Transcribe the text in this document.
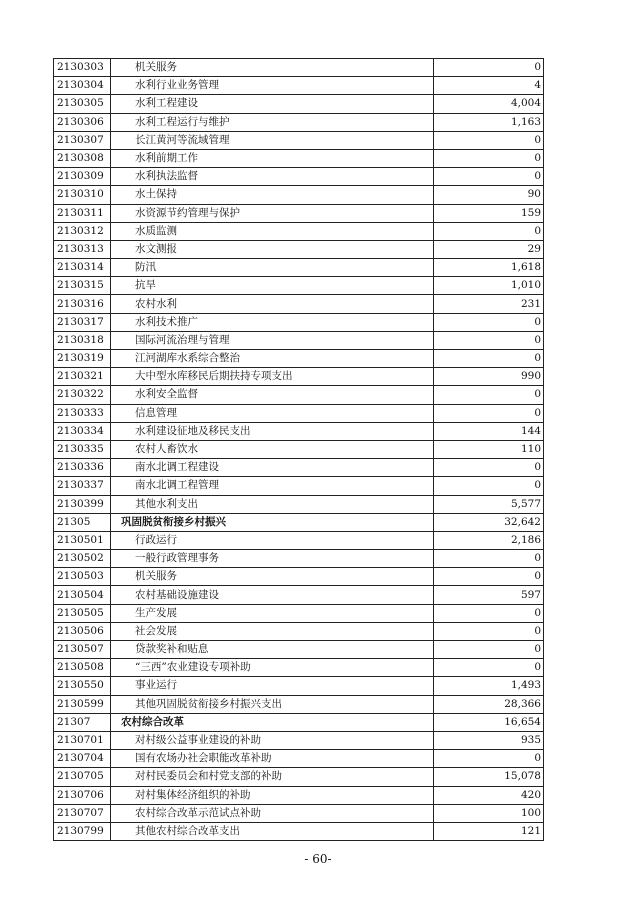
2130303	机关服务	0
2130304	水利行业业务管理	4
2130305	水利工程建设	4,004
2130306	水利工程运行与维护	1,163
2130307	长江黄河等流域管理	0
2130308	水利前期工作	0
2130309	水利执法监督	0
2130310	水土保持	90
2130311	水资源节约管理与保护	159
2130312	水质监测	0
2130313	水文测报	29
2130314	防汛	1,618
2130315	抗旱	1,010
2130316	农村水利	231
2130317	水利技术推广	0
2130318	国际河流治理与管理	0
2130319	江河湖库水系综合整治	0
2130321	大中型水库移民后期扶持专项支出	990
2130322	水利安全监督	0
2130333	信息管理	0
2130334	水利建设征地及移民支出	144
2130335	农村人畜饮水	110
2130336	南水北调工程建设	0
2130337	南水北调工程管理	0
2130399	其他水利支出	5,577
21305	巩固脱贫衔接乡村振兴	32,642
2130501	行政运行	2,186
2130502	一般行政管理事务	0
2130503	机关服务	0
2130504	农村基础设施建设	597
2130505	生产发展	0
2130506	社会发展	0
2130507	贷款奖补和贴息	0
2130508	“三西”农业建设专项补助	0
2130550	事业运行	1,493
2130599	其他巩固脱贫衔接乡村振兴支出	28,366
21307	农村综合改革	16,654
2130701	对村级公益事业建设的补助	935
2130704	国有农场办社会职能改革补助	0
2130705	对村民委员会和村党支部的补助	15,078
2130706	对村集体经济组织的补助	420
2130707	农村综合改革示范试点补助	100
2130799	其他农村综合改革支出	121
- 60-
